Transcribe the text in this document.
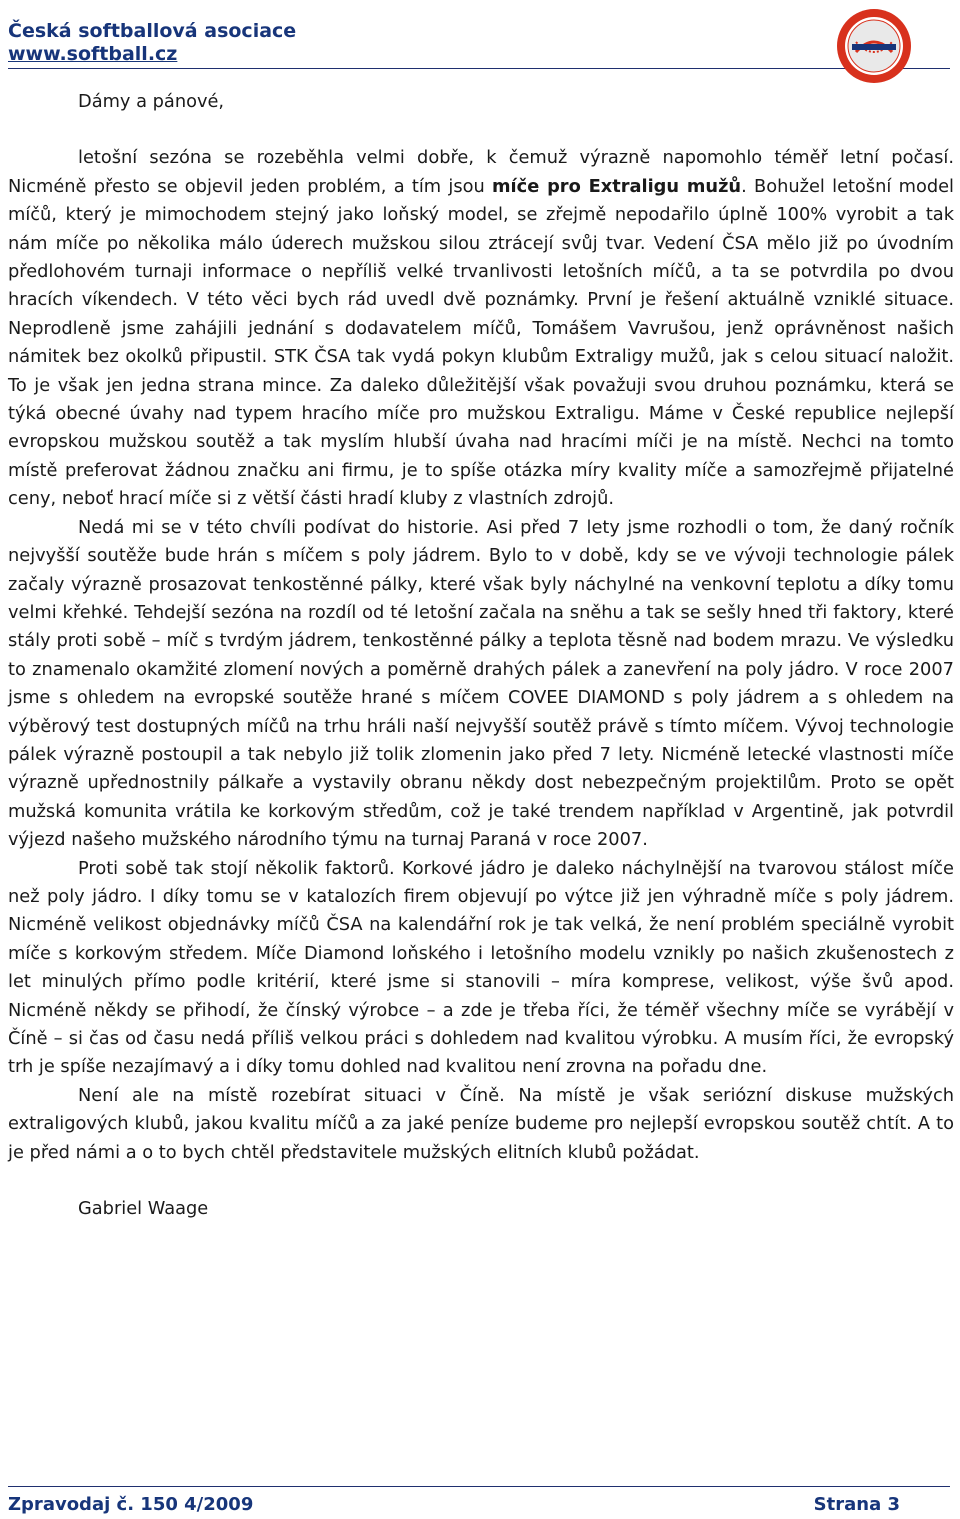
Česká softballová asociace
www.softball.cz

Dámy a pánové,

letošní sezóna se rozeběhla velmi dobře, k čemuž výrazně napomohlo téměř letní počasí. Nicméně přesto se objevil jeden problém, a tím jsou míče pro Extraligu mužů. Bohužel letošní model míčů, který je mimochodem stejný jako loňský model, se zřejmě nepodařilo úplně 100% vyrobit a tak nám míče po několika málo úderech mužskou silou ztrácejí svůj tvar. Vedení ČSA mělo již po úvodním předlohovém turnaji informace o nepříliš velké trvanlivosti letošních míčů, a ta se potvrdila po dvou hracích víkendech. V této věci bych rád uvedl dvě poznámky. První je řešení aktuálně vzniklé situace. Neprodleně jsme zahájili jednání s dodavatelem míčů, Tomášem Vavrušou, jenž oprávněnost našich námitek bez okolků připustil. STK ČSA tak vydá pokyn klubům Extraligy mužů, jak s celou situací naložit. To je však jen jedna strana mince. Za daleko důležitější však považuji svou druhou poznámku, která se týká obecné úvahy nad typem hracího míče pro mužskou Extraligu. Máme v České republice nejlepší evropskou mužskou soutěž a tak myslím hlubší úvaha nad hracími míči je na místě. Nechci na tomto místě preferovat žádnou značku ani firmu, je to spíše otázka míry kvality míče a samozřejmě přijatelné ceny, neboť hrací míče si z větší části hradí kluby z vlastních zdrojů.

Nedá mi se v této chvíli podívat do historie. Asi před 7 lety jsme rozhodli o tom, že daný ročník nejvyšší soutěže bude hrán s míčem s poly jádrem. Bylo to v době, kdy se ve vývoji technologie pálek začaly výrazně prosazovat tenkostěnné pálky, které však byly náchylné na venkovní teplotu a díky tomu velmi křehké. Tehdejší sezóna na rozdíl od té letošní začala na sněhu a tak se sešly hned tři faktory, které stály proti sobě – míč s tvrdým jádrem, tenkostěnné pálky a teplota těsně nad bodem mrazu. Ve výsledku to znamenalo okamžité zlomení nových a poměrně drahých pálek a zanevření na poly jádro. V roce 2007 jsme s ohledem na evropské soutěže hrané s míčem COVEE DIAMOND s poly jádrem a s ohledem na výběrový test dostupných míčů na trhu hráli naší nejvyšší soutěž právě s tímto míčem. Vývoj technologie pálek výrazně postoupil a tak nebylo již tolik zlomenin jako před 7 lety. Nicméně letecké vlastnosti míče výrazně upřednostnily pálkaře a vystavily obranu někdy dost nebezpečným projektilům. Proto se opět mužská komunita vrátila ke korkovým středům, což je také trendem například v Argentině, jak potvrdil výjezd našeho mužského národního týmu na turnaj Paraná v roce 2007.

Proti sobě tak stojí několik faktorů. Korkové jádro je daleko náchylnější na tvarovou stálost míče než poly jádro. I díky tomu se v katalozích firem objevují po výtce již jen výhradně míče s poly jádrem. Nicméně velikost objednávky míčů ČSA na kalendářní rok je tak velká, že není problém speciálně vyrobit míče s korkovým středem. Míče Diamond loňského i letošního modelu vznikly po našich zkušenostech z let minulých přímo podle kritérií, které jsme si stanovili – míra komprese, velikost, výše švů apod. Nicméně někdy se přihodí, že čínský výrobce – a zde je třeba říci, že téměř všechny míče se vyrábějí v Číně – si čas od času nedá příliš velkou práci s dohledem nad kvalitou výrobku. A musím říci, že evropský trh je spíše nezajímavý a i díky tomu dohled nad kvalitou není zrovna na pořadu dne.

Není ale na místě rozebírat situaci v Číně. Na místě je však seriózní diskuse mužských extraligových klubů, jakou kvalitu míčů a za jaké peníze budeme pro nejlepší evropskou soutěž chtít. A to je před námi a o to bych chtěl představitele mužských elitních klubů požádat.

Gabriel Waage

Zpravodaj č. 150 4/2009	Strana 3
